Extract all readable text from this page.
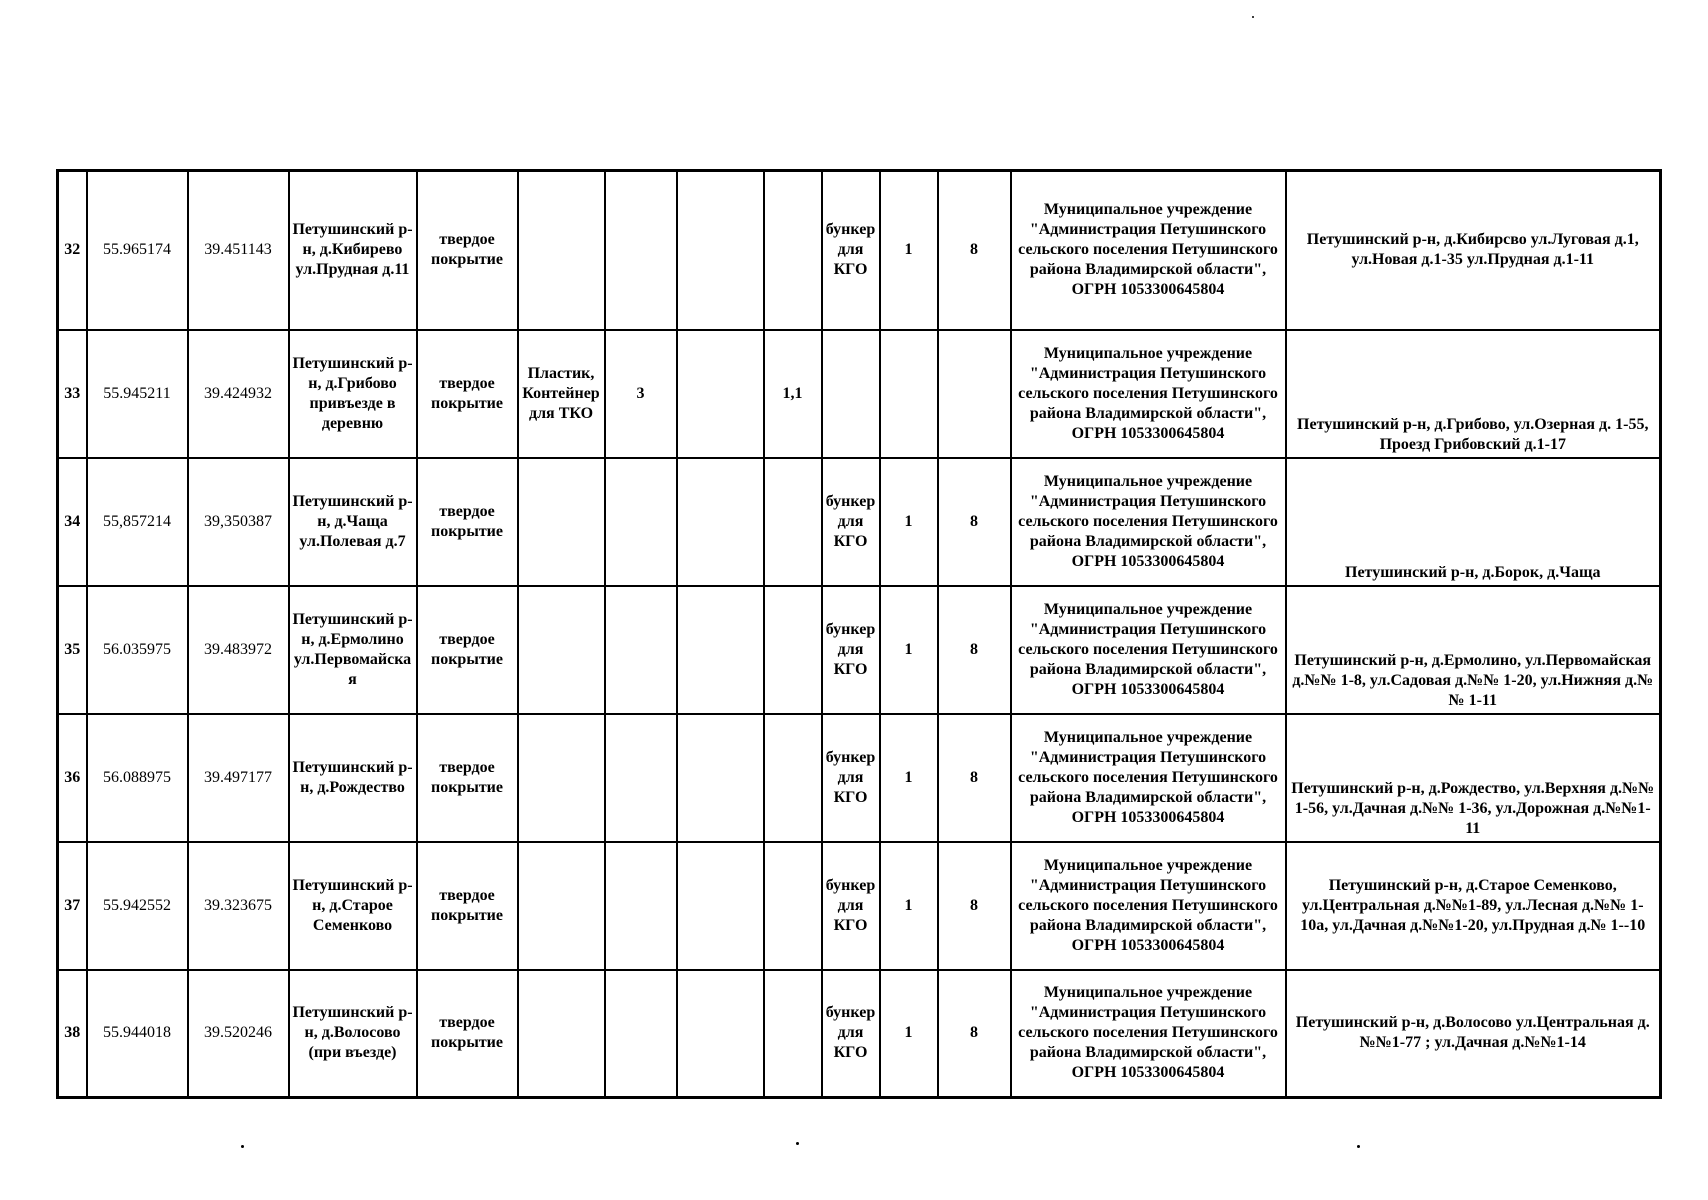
32	55.965174	39.451143	Петушинский р-н, д.Кибирево ул.Прудная д.11	твердое покрытие					бункер для КГО	1	8	Муниципальное учреждение "Администрация Петушинского сельского поселения Петушинского района Владимирской области", ОГРН 1053300645804	Петушинский р-н, д.Кибирсво ул.Луговая д.1, ул.Новая д.1-35 ул.Прудная д.1-11
33	55.945211	39.424932	Петушинский р-н, д.Грибово привъезде в деревню	твердое покрытие	Пластик, Контейнер для ТКО	3		1,1				Муниципальное учреждение "Администрация Петушинского сельского поселения Петушинского района Владимирской области", ОГРН 1053300645804	Петушинский р-н, д.Грибово, ул.Озерная д. 1-55, Проезд Грибовский д.1-17
34	55,857214	39,350387	Петушинский р-н, д.Чаща ул.Полевая д.7	твердое покрытие					бункер для КГО	1	8	Муниципальное учреждение "Администрация Петушинского сельского поселения Петушинского района Владимирской области", ОГРН 1053300645804	Петушинский р-н, д.Борок, д.Чаща
35	56.035975	39.483972	Петушинский р-н, д.Ермолино ул.Первомайская	твердое покрытие					бункер для КГО	1	8	Муниципальное учреждение "Администрация Петушинского сельского поселения Петушинского района Владимирской области", ОГРН 1053300645804	Петушинский р-н, д.Ермолино, ул.Первомайская д.№№ 1-8, ул.Садовая д.№№ 1-20, ул.Нижняя д.№№ 1-11
36	56.088975	39.497177	Петушинский р-н, д.Рождество	твердое покрытие					бункер для КГО	1	8	Муниципальное учреждение "Администрация Петушинского сельского поселения Петушинского района Владимирской области", ОГРН 1053300645804	Петушинский р-н, д.Рождество, ул.Верхняя д.№№ 1-56, ул.Дачная д.№№ 1-36, ул.Дорожная д.№№1-11
37	55.942552	39.323675	Петушинский р-н, д.Старое Семенково	твердое покрытие					бункер для КГО	1	8	Муниципальное учреждение "Администрация Петушинского сельского поселения Петушинского района Владимирской области", ОГРН 1053300645804	Петушинский р-н, д.Старое Семенково, ул.Центральная д.№№1-89, ул.Лесная д.№№ 1-10а, ул.Дачная д.№№1-20, ул.Прудная д.№ 1--10
38	55.944018	39.520246	Петушинский р-н, д.Волосово (при въезде)	твердое покрытие					бункер для КГО	1	8	Муниципальное учреждение "Администрация Петушинского сельского поселения Петушинского района Владимирской области", ОГРН 1053300645804	Петушинский р-н, д.Волосово ул.Центральная д.№№1-77 ; ул.Дачная д.№№1-14
